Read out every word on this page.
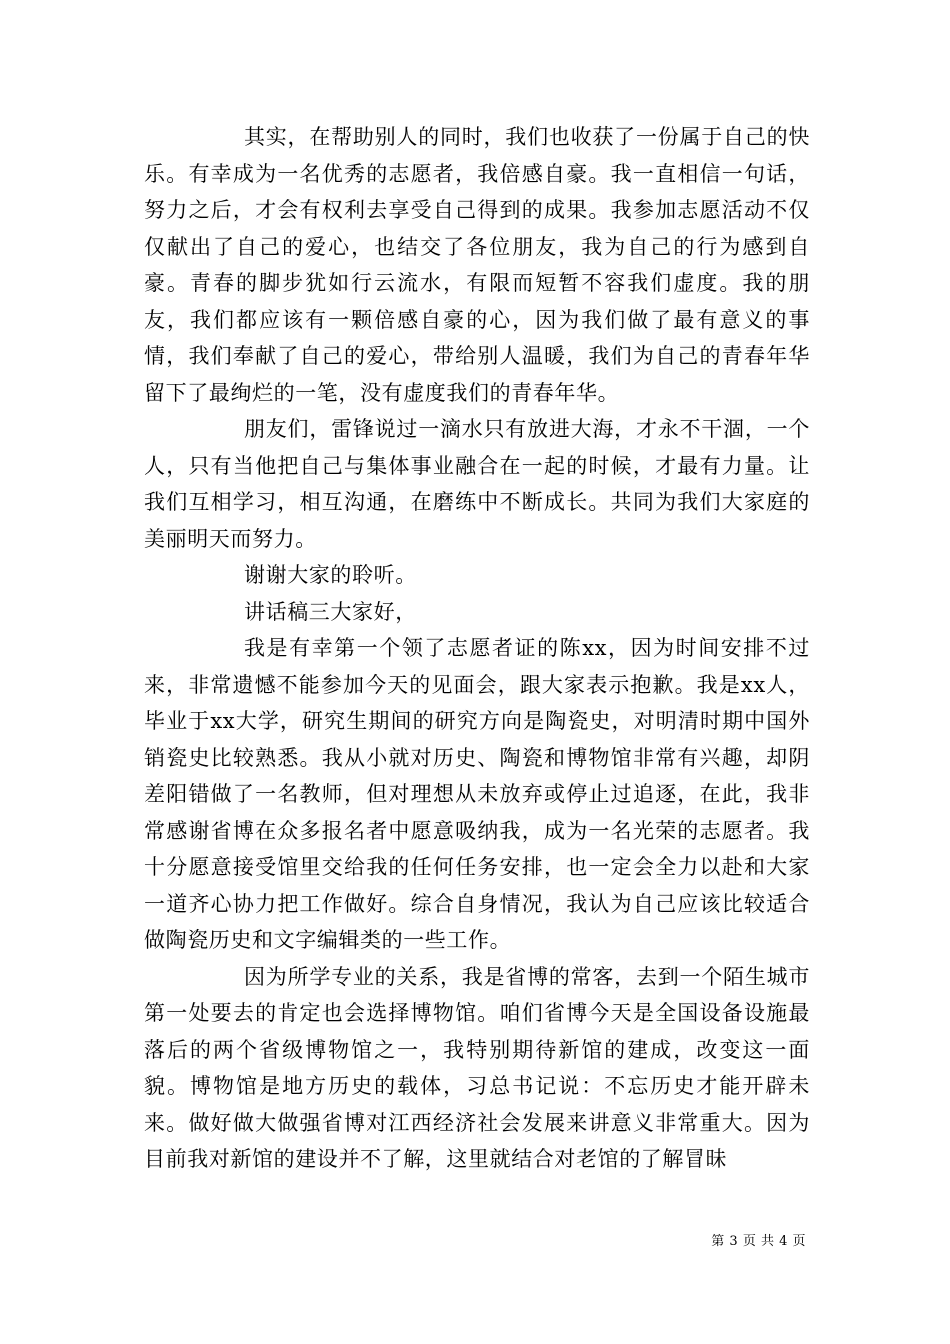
其实，在帮助别人的同时，我们也收获了一份属于自己的快乐。有幸成为一名优秀的志愿者，我倍感自豪。我一直相信一句话，努力之后，才会有权利去享受自己得到的成果。我参加志愿活动不仅仅献出了自己的爱心，也结交了各位朋友，我为自己的行为感到自豪。青春的脚步犹如行云流水，有限而短暂不容我们虚度。我的朋友，我们都应该有一颗倍感自豪的心，因为我们做了最有意义的事情，我们奉献了自己的爱心，带给别人温暖，我们为自己的青春年华留下了最绚烂的一笔，没有虚度我们的青春年华。

朋友们，雷锋说过一滴水只有放进大海，才永不干涸，一个人，只有当他把自己与集体事业融合在一起的时候，才最有力量。让我们互相学习，相互沟通，在磨练中不断成长。共同为我们大家庭的美丽明天而努力。

谢谢大家的聆听。

讲话稿三大家好，

我是有幸第一个领了志愿者证的陈xx，因为时间安排不过来，非常遗憾不能参加今天的见面会，跟大家表示抱歉。我是xx人，毕业于xx大学，研究生期间的研究方向是陶瓷史，对明清时期中国外销瓷史比较熟悉。我从小就对历史、陶瓷和博物馆非常有兴趣，却阴差阳错做了一名教师，但对理想从未放弃或停止过追逐，在此，我非常感谢省博在众多报名者中愿意吸纳我，成为一名光荣的志愿者。我十分愿意接受馆里交给我的任何任务安排，也一定会全力以赴和大家一道齐心协力把工作做好。综合自身情况，我认为自己应该比较适合做陶瓷历史和文字编辑类的一些工作。

因为所学专业的关系，我是省博的常客，去到一个陌生城市第一处要去的肯定也会选择博物馆。咱们省博今天是全国设备设施最落后的两个省级博物馆之一，我特别期待新馆的建成，改变这一面貌。博物馆是地方历史的载体，习总书记说：不忘历史才能开辟未来。做好做大做强省博对江西经济社会发展来讲意义非常重大。因为目前我对新馆的建设并不了解，这里就结合对老馆的了解冒昧

第 3 页 共 4 页
